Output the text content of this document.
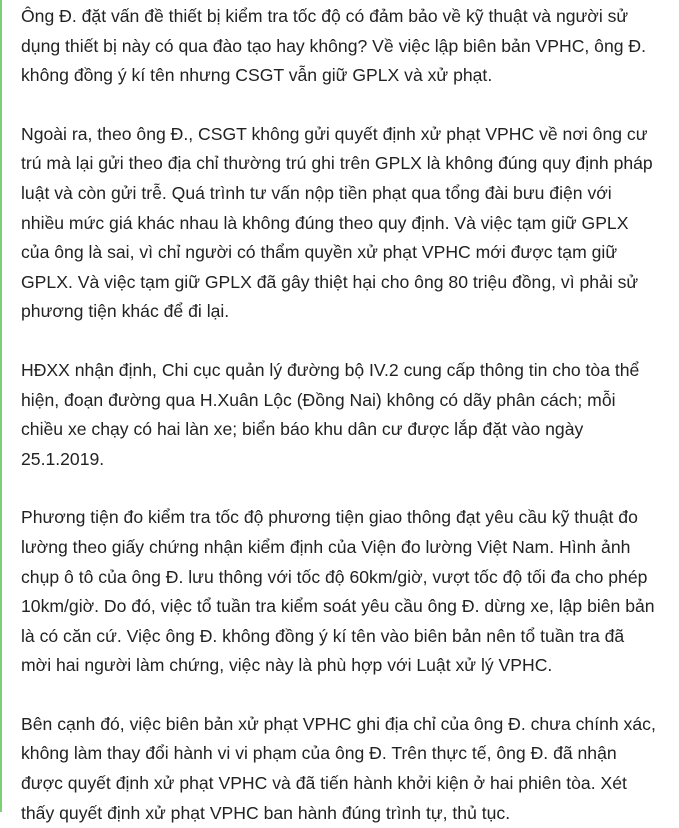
Ông Đ. đặt vấn đề thiết bị kiểm tra tốc độ có đảm bảo về kỹ thuật và người sử
dụng thiết bị này có qua đào tạo hay không? Về việc lập biên bản VPHC, ông Đ.
không đồng ý kí tên nhưng CSGT vẫn giữ GPLX và xử phạt.

Ngoài ra, theo ông Đ., CSGT không gửi quyết định xử phạt VPHC về nơi ông cư
trú mà lại gửi theo địa chỉ thường trú ghi trên GPLX là không đúng quy định pháp
luật và còn gửi trễ. Quá trình tư vấn nộp tiền phạt qua tổng đài bưu điện với
nhiều mức giá khác nhau là không đúng theo quy định. Và việc tạm giữ GPLX
của ông là sai, vì chỉ người có thẩm quyền xử phạt VPHC mới được tạm giữ
GPLX. Và việc tạm giữ GPLX đã gây thiệt hại cho ông 80 triệu đồng, vì phải sử
phương tiện khác để đi lại.

HĐXX nhận định, Chi cục quản lý đường bộ IV.2 cung cấp thông tin cho tòa thể
hiện, đoạn đường qua H.Xuân Lộc (Đồng Nai) không có dãy phân cách; mỗi
chiều xe chạy có hai làn xe; biển báo khu dân cư được lắp đặt vào ngày
25.1.2019.

Phương tiện đo kiểm tra tốc độ phương tiện giao thông đạt yêu cầu kỹ thuật đo
lường theo giấy chứng nhận kiểm định của Viện đo lường Việt Nam. Hình ảnh
chụp ô tô của ông Đ. lưu thông với tốc độ 60km/giờ, vượt tốc độ tối đa cho phép
10km/giờ. Do đó, việc tổ tuần tra kiểm soát yêu cầu ông Đ. dừng xe, lập biên bản
là có căn cứ. Việc ông Đ. không đồng ý kí tên vào biên bản nên tổ tuần tra đã
mời hai người làm chứng, việc này là phù hợp với Luật xử lý VPHC.

Bên cạnh đó, việc biên bản xử phạt VPHC ghi địa chỉ của ông Đ. chưa chính xác,
không làm thay đổi hành vi vi phạm của ông Đ. Trên thực tế, ông Đ. đã nhận
được quyết định xử phạt VPHC và đã tiến hành khởi kiện ở hai phiên tòa. Xét
thấy quyết định xử phạt VPHC ban hành đúng trình tự, thủ tục.
